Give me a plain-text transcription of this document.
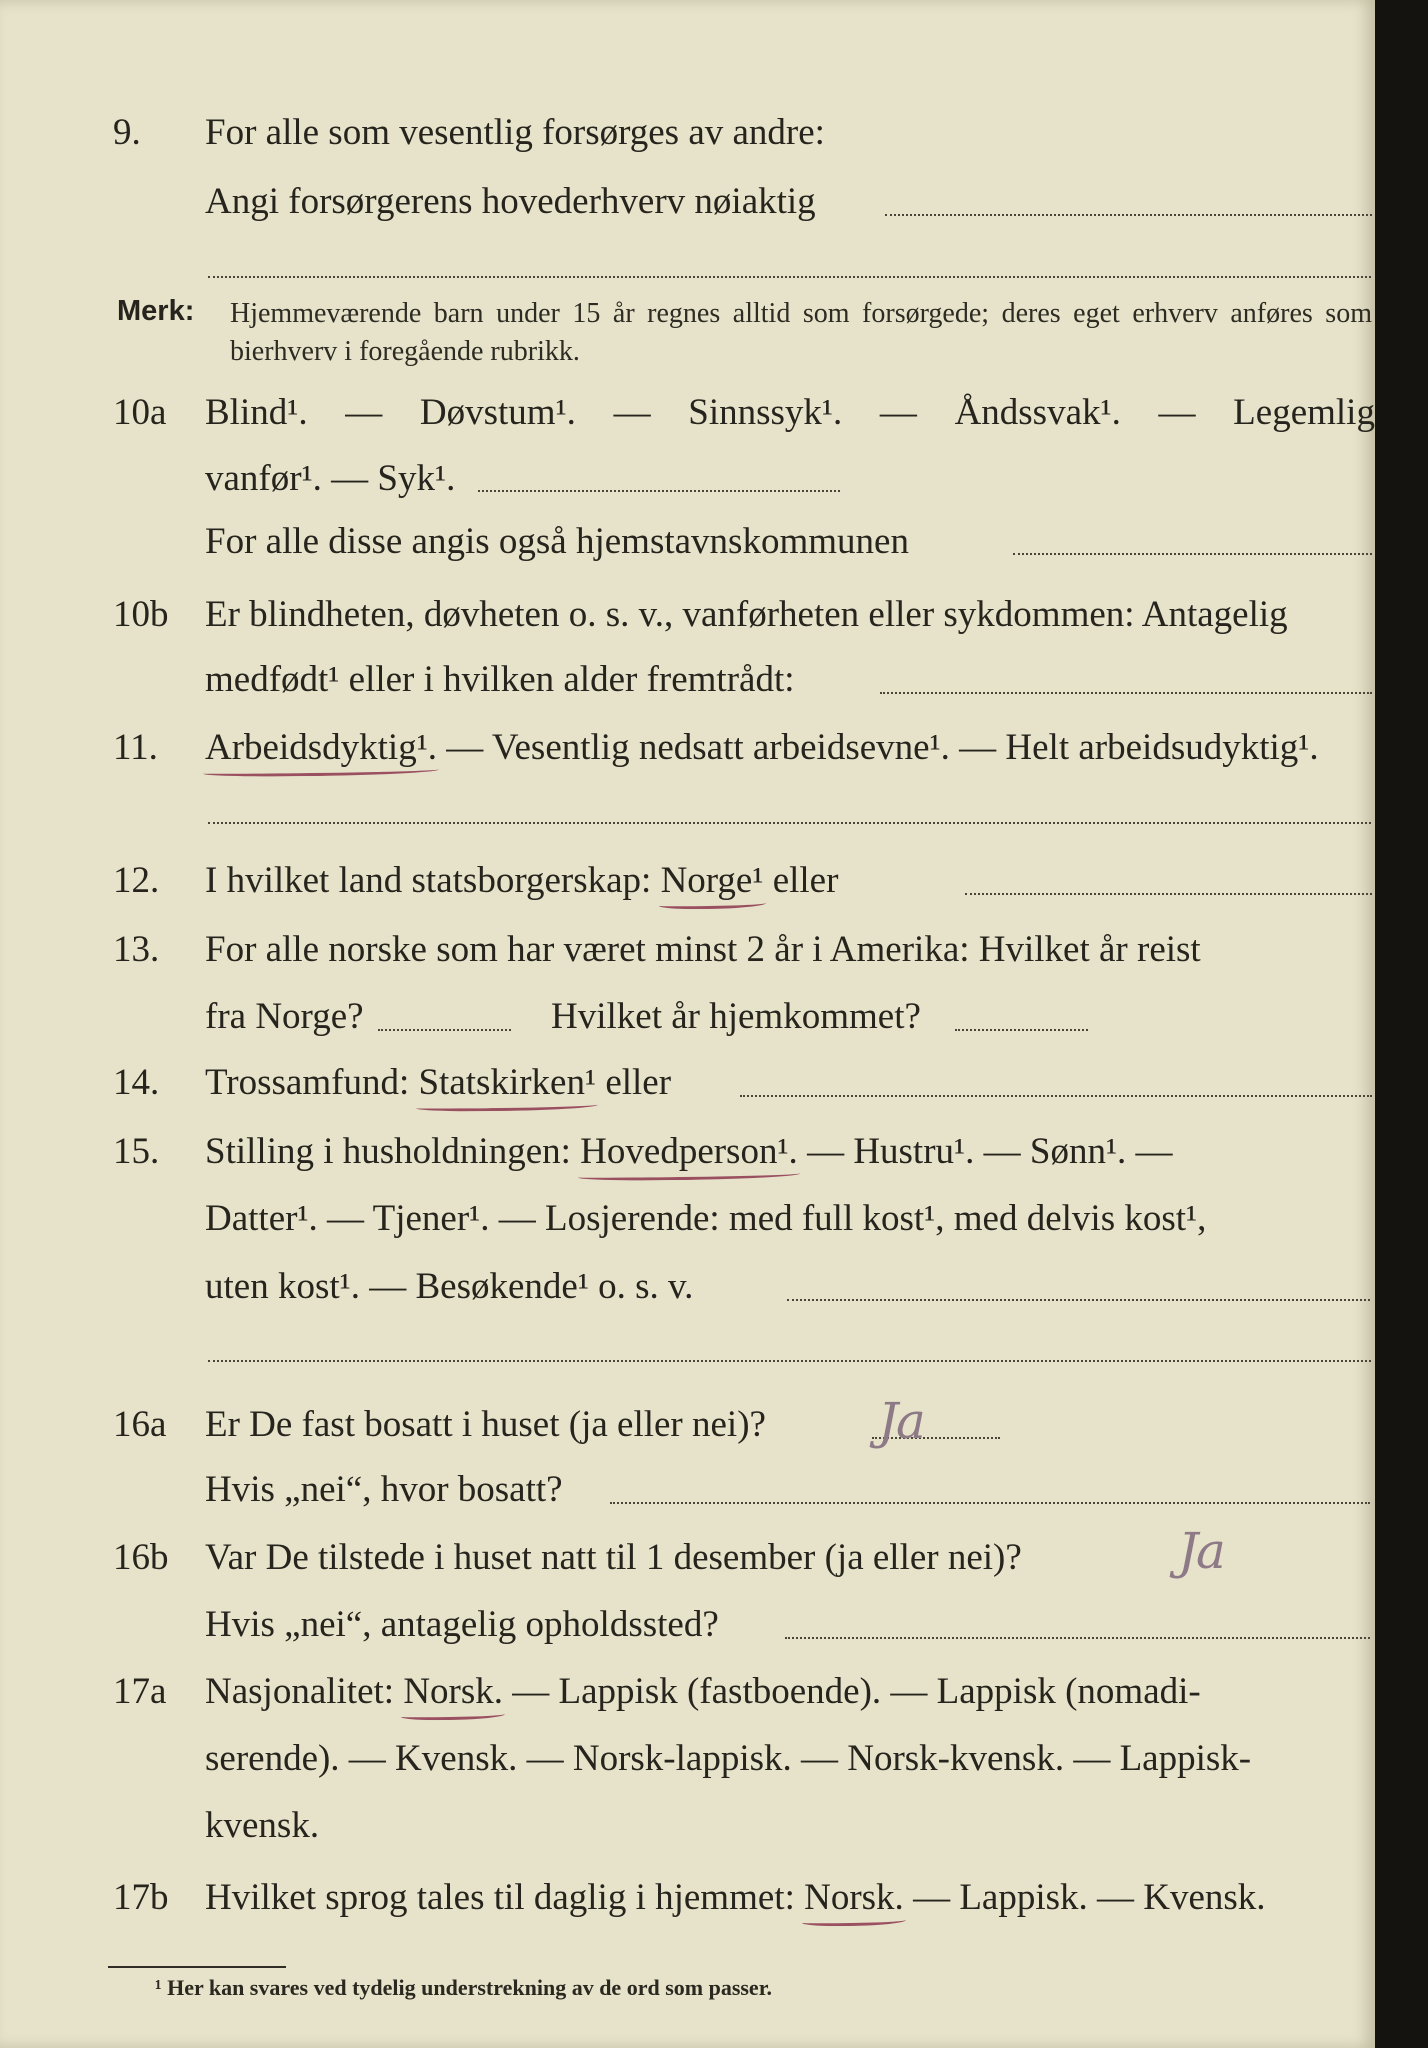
9.	For alle som vesentlig forsørges av andre:
Angi forsørgerens hovederhverv nøiaktig
Merk: Hjemmeværende barn under 15 år regnes alltid som forsørgede; deres eget erhverv anføres som bierhverv i foregående rubrikk.
10a	Blind¹. — Døvstum¹. — Sinnssyk¹. — Åndssvak¹. — Legemlig
vanfør¹. — Syk¹.
For alle disse angis også hjemstavnskommunen
10b Er blindheten, døvheten o. s. v., vanførheten eller sykdommen: Antagelig
medfødt¹ eller i hvilken alder fremtrådt:
11.	Arbeidsdyktig¹. — Vesentlig nedsatt arbeidsevne¹. — Helt arbeidsudyktig¹.
12.	I hvilket land statsborgerskap: Norge¹ eller
13.	For alle norske som har været minst 2 år i Amerika: Hvilket år reist
fra Norge?	Hvilket år hjemkommet?
14.	Trossamfund: Statskirken¹ eller
15.	Stilling i husholdningen: Hovedperson¹. — Hustru¹. — Sønn¹. —
Datter¹. — Tjener¹. — Losjerende: med full kost¹, med delvis kost¹,
uten kost¹. — Besøkende¹ o. s. v.
16a	Er De fast bosatt i huset (ja eller nei)? Ja
Hvis „nei“, hvor bosatt?
16b Var De tilstede i huset natt til 1 desember (ja eller nei)?	Ja
Hvis „nei“, antagelig opholdssted?
17a	Nasjonalitet: Norsk. — Lappisk (fastboende). — Lappisk (nomadi-
serende). — Kvensk. — Norsk-lappisk. — Norsk-kvensk. — Lappisk-
kvensk.
17b Hvilket sprog tales til daglig i hjemmet: Norsk. — Lappisk. — Kvensk.
¹ Her kan svares ved tydelig understrekning av de ord som passer.
